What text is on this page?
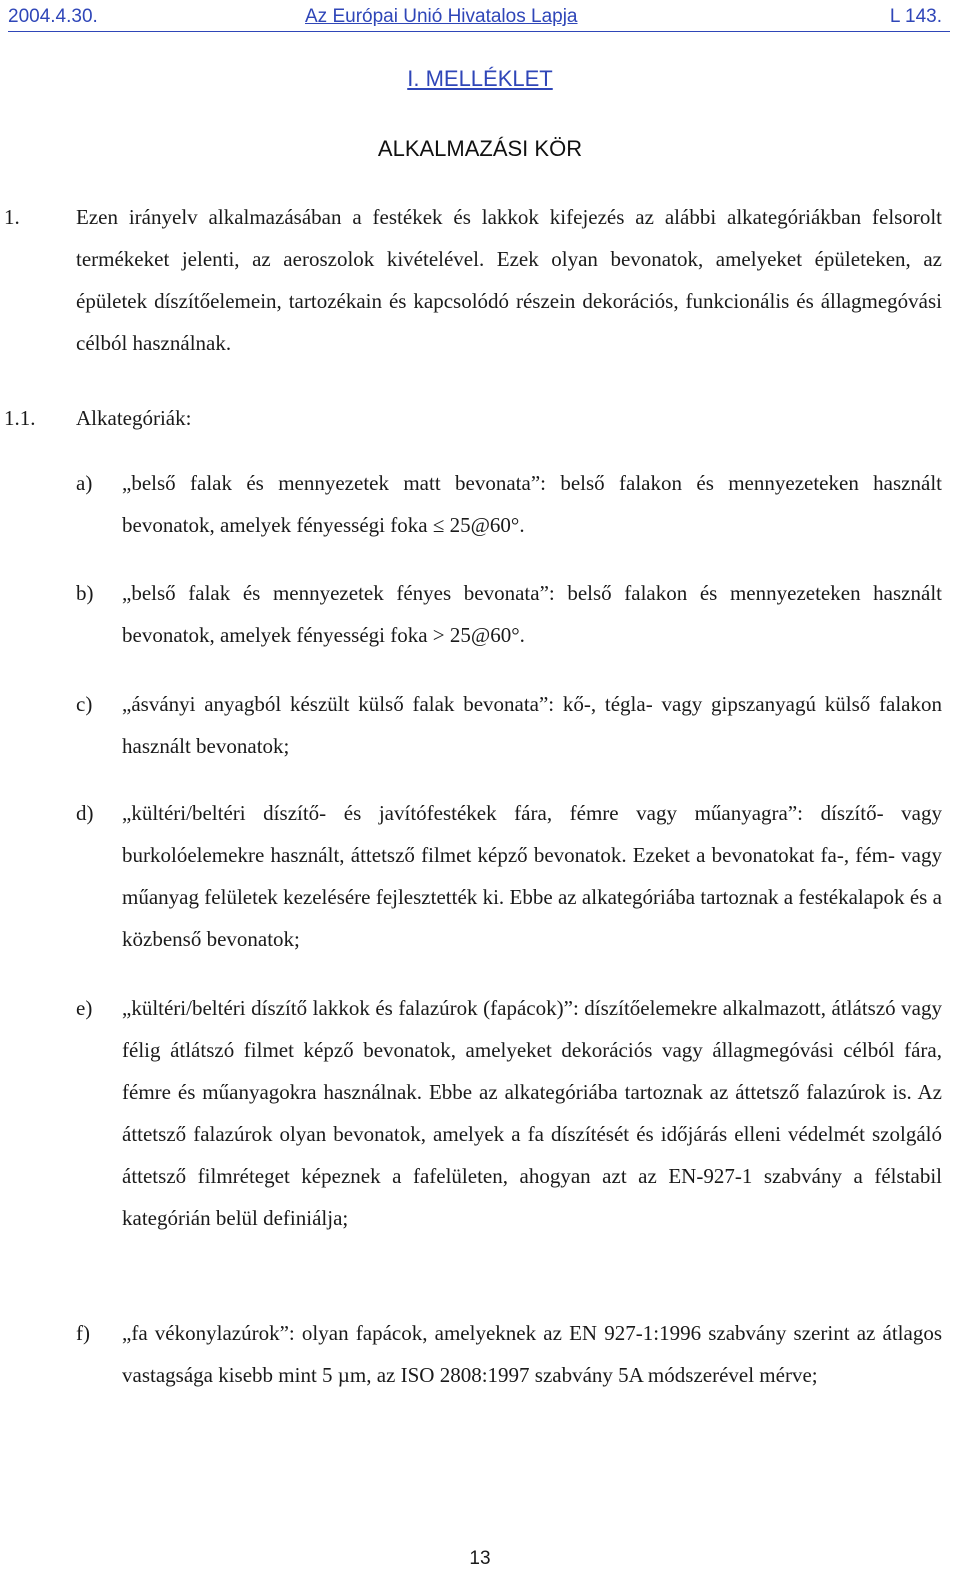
2004.4.30.	Az Európai Unió Hivatalos Lapja	L 143.
I. MELLÉKLET
ALKALMAZÁSI KÖR
1.	Ezen irányelv alkalmazásában a festékek és lakkok kifejezés az alábbi alkategóriákban felsorolt termékeket jelenti, az aeroszolok kivételével. Ezek olyan bevonatok, amelyeket épületeken, az épületek díszítőelemein, tartozékain és kapcsolódó részein dekorációs, funkcionális és állagmegóvási célból használnak.
1.1. Alkategóriák:
a) „belső falak és mennyezetek matt bevonata”: belső falakon és mennyezeteken használt bevonatok, amelyek fényességi foka ≤ 25@60°.
b) „belső falak és mennyezetek fényes bevonata”: belső falakon és mennyezeteken használt bevonatok, amelyek fényességi foka > 25@60°.
c) „ásványi anyagból készült külső falak bevonata”: kő-, tégla- vagy gipszanyagú külső falakon használt bevonatok;
d) „kültéri/beltéri díszítő- és javítófestékek fára, fémre vagy műanyagra”: díszítő- vagy burkolóelemekre használt, áttetsző filmet képző bevonatok. Ezeket a bevonatokat fa-, fém- vagy műanyag felületek kezelésére fejlesztették ki. Ebbe az alkategóriába tartoznak a festékalapok és a közbenső bevonatok;
e) „kültéri/beltéri díszítő lakkok és falazúrok (fapácok)”: díszítőelemekre alkalmazott, átlátszó vagy félig átlátszó filmet képző bevonatok, amelyeket dekorációs vagy állagmegóvási célból fára, fémre és műanyagokra használnak. Ebbe az alkategóriába tartoznak az áttetsző falazúrok is. Az áttetsző falazúrok olyan bevonatok, amelyek a fa díszítését és időjárás elleni védelmét szolgáló áttetsző filmréteget képeznek a fafelületen, ahogyan azt az EN-927-1 szabvány a félstabil kategórián belül definiálja;
f) „fa vékonylazúrok”: olyan fapácok, amelyeknek az EN 927-1:1996 szabvány szerint az átlagos vastagsága kisebb mint 5 µm, az ISO 2808:1997 szabvány 5A módszerével mérve;
13
